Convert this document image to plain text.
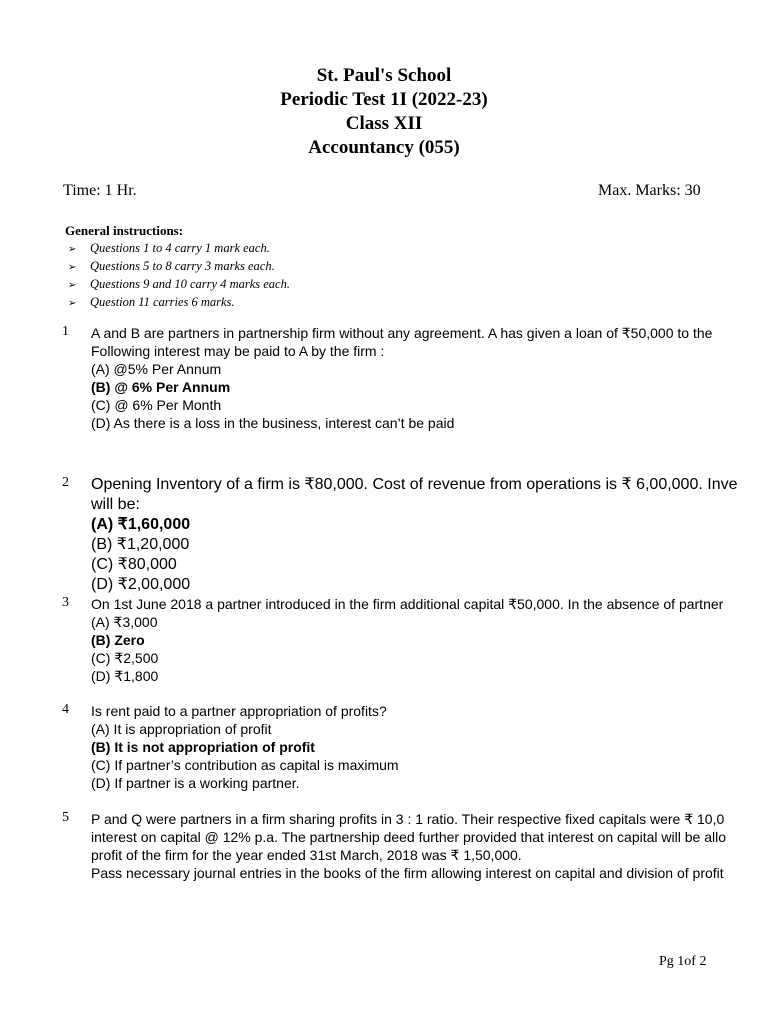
St. Paul's School
Periodic Test 1I (2022-23)
Class XII
Accountancy (055)
Time: 1 Hr.	Max. Marks: 30
General instructions:
➢ Questions 1 to 4 carry 1 mark each.
➢ Questions 5 to 8 carry 3 marks each.
➢ Questions 9 and 10 carry 4 marks each.
➢ Question 11 carries 6 marks.
1 A and B are partners in partnership firm without any agreement. A has given a loan of ₹50,000 to the
Following interest may be paid to A by the firm :
(A) @5% Per Annum
(B) @ 6% Per Annum
(C) @ 6% Per Month
(D) As there is a loss in the business, interest can’t be paid
2 Opening Inventory of a firm is ₹80,000. Cost of revenue from operations is ₹ 6,00,000. Inve
will be:
(A) ₹1,60,000
(B) ₹1,20,000
(C) ₹80,000
(D) ₹2,00,000
3 On 1st June 2018 a partner introduced in the firm additional capital ₹50,000. In the absence of partner
(A) ₹3,000
(B) Zero
(C) ₹2,500
(D) ₹1,800
4 Is rent paid to a partner appropriation of profits?
(A) It is appropriation of profit
(B) It is not appropriation of profit
(C) If partner’s contribution as capital is maximum
(D) If partner is a working partner.
5 P and Q were partners in a firm sharing profits in 3 : 1 ratio. Their respective fixed capitals were ₹ 10,0
interest on capital @ 12% p.a. The partnership deed further provided that interest on capital will be allo
profit of the firm for the year ended 31st March, 2018 was ₹ 1,50,000.
Pass necessary journal entries in the books of the firm allowing interest on capital and division of profit
Pg 1of 2
